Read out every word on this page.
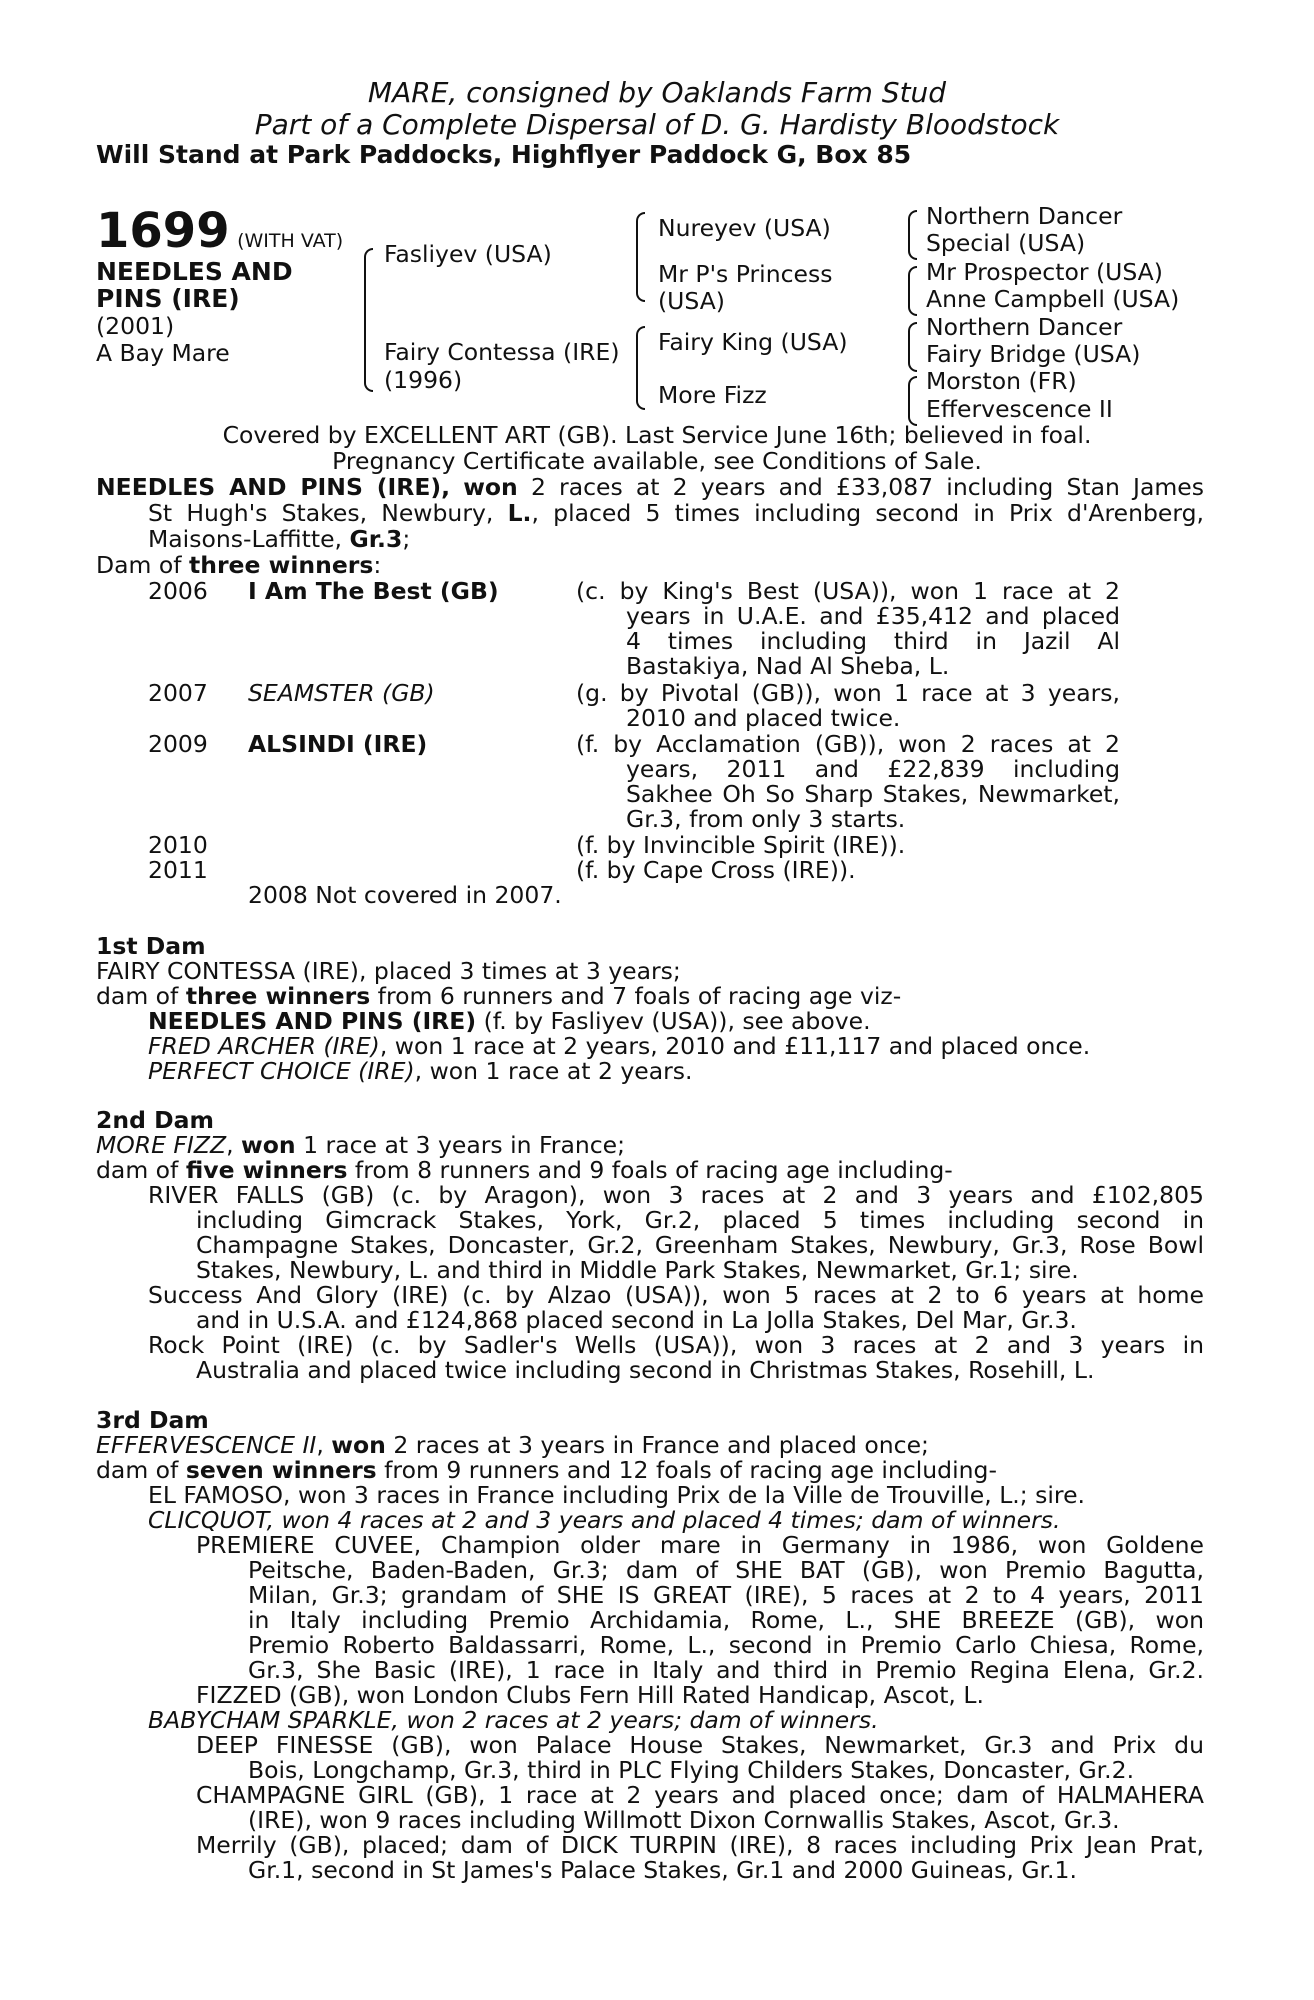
MARE, consigned by Oaklands Farm Stud
Part of a Complete Dispersal of D. G. Hardisty Bloodstock
Will Stand at Park Paddocks, Highflyer Paddock G, Box 85
1699 (WITH VAT)
NEEDLES AND
PINS (IRE)
(2001)
A Bay Mare
Fasliyev (USA)
Fairy Contessa (IRE)
(1996)
Nureyev (USA)
Mr P's Princess
(USA)
Fairy King (USA)
More Fizz
Northern Dancer
Special (USA)
Mr Prospector (USA)
Anne Campbell (USA)
Northern Dancer
Fairy Bridge (USA)
Morston (FR)
Effervescence II
Covered by EXCELLENT ART (GB). Last Service June 16th; believed in foal.
Pregnancy Certificate available, see Conditions of Sale.
NEEDLES AND PINS (IRE), won 2 races at 2 years and £33,087 including Stan James
St Hugh's Stakes, Newbury, L., placed 5 times including second in Prix d'Arenberg,
Maisons-Laffitte, Gr.3;
Dam of three winners:
2006 I Am The Best (GB)	(c. by King's Best (USA)), won 1 race at 2
years in U.A.E. and £35,412 and placed
4 times including third in Jazil Al
Bastakiya, Nad Al Sheba, L.
2007 SEAMSTER (GB)	(g. by Pivotal (GB)), won 1 race at 3 years,
2010 and placed twice.
2009 ALSINDI (IRE)	(f. by Acclamation (GB)), won 2 races at 2
years, 2011 and £22,839 including
Sakhee Oh So Sharp Stakes, Newmarket,
Gr.3, from only 3 starts.
2010	(f. by Invincible Spirit (IRE)).
2011	(f. by Cape Cross (IRE)).
2008 Not covered in 2007.
1st Dam
FAIRY CONTESSA (IRE), placed 3 times at 3 years;
dam of three winners from 6 runners and 7 foals of racing age viz-
NEEDLES AND PINS (IRE) (f. by Fasliyev (USA)), see above.
FRED ARCHER (IRE), won 1 race at 2 years, 2010 and £11,117 and placed once.
PERFECT CHOICE (IRE), won 1 race at 2 years.
2nd Dam
MORE FIZZ, won 1 race at 3 years in France;
dam of five winners from 8 runners and 9 foals of racing age including-
RIVER FALLS (GB) (c. by Aragon), won 3 races at 2 and 3 years and £102,805
including Gimcrack Stakes, York, Gr.2, placed 5 times including second in
Champagne Stakes, Doncaster, Gr.2, Greenham Stakes, Newbury, Gr.3, Rose Bowl
Stakes, Newbury, L. and third in Middle Park Stakes, Newmarket, Gr.1; sire.
Success And Glory (IRE) (c. by Alzao (USA)), won 5 races at 2 to 6 years at home
and in U.S.A. and £124,868 placed second in La Jolla Stakes, Del Mar, Gr.3.
Rock Point (IRE) (c. by Sadler's Wells (USA)), won 3 races at 2 and 3 years in
Australia and placed twice including second in Christmas Stakes, Rosehill, L.
3rd Dam
EFFERVESCENCE II, won 2 races at 3 years in France and placed once;
dam of seven winners from 9 runners and 12 foals of racing age including-
EL FAMOSO, won 3 races in France including Prix de la Ville de Trouville, L.; sire.
CLICQUOT, won 4 races at 2 and 3 years and placed 4 times; dam of winners.
PREMIERE CUVEE, Champion older mare in Germany in 1986, won Goldene
Peitsche, Baden-Baden, Gr.3; dam of SHE BAT (GB), won Premio Bagutta,
Milan, Gr.3; grandam of SHE IS GREAT (IRE), 5 races at 2 to 4 years, 2011
in Italy including Premio Archidamia, Rome, L., SHE BREEZE (GB), won
Premio Roberto Baldassarri, Rome, L., second in Premio Carlo Chiesa, Rome,
Gr.3, She Basic (IRE), 1 race in Italy and third in Premio Regina Elena, Gr.2.
FIZZED (GB), won London Clubs Fern Hill Rated Handicap, Ascot, L.
BABYCHAM SPARKLE, won 2 races at 2 years; dam of winners.
DEEP FINESSE (GB), won Palace House Stakes, Newmarket, Gr.3 and Prix du
Bois, Longchamp, Gr.3, third in PLC Flying Childers Stakes, Doncaster, Gr.2.
CHAMPAGNE GIRL (GB), 1 race at 2 years and placed once; dam of HALMAHERA
(IRE), won 9 races including Willmott Dixon Cornwallis Stakes, Ascot, Gr.3.
Merrily (GB), placed; dam of DICK TURPIN (IRE), 8 races including Prix Jean Prat,
Gr.1, second in St James's Palace Stakes, Gr.1 and 2000 Guineas, Gr.1.
